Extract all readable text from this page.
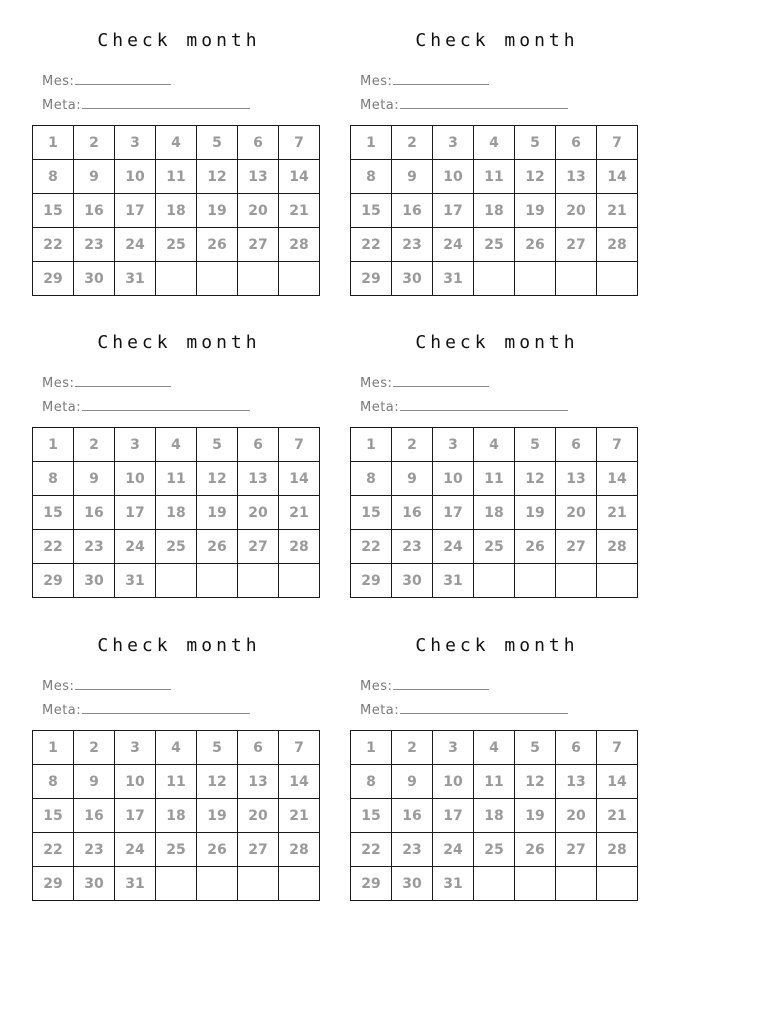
Check month
Mes:
Meta:
1	2	3	4	5	6	7
8	9	10	11	12	13	14
15	16	17	18	19	20	21
22	23	24	25	26	27	28
29	30	31				
Check month
Mes:
Meta:
1	2	3	4	5	6	7
8	9	10	11	12	13	14
15	16	17	18	19	20	21
22	23	24	25	26	27	28
29	30	31				
Check month
Mes:
Meta:
1	2	3	4	5	6	7
8	9	10	11	12	13	14
15	16	17	18	19	20	21
22	23	24	25	26	27	28
29	30	31				
Check month
Mes:
Meta:
1	2	3	4	5	6	7
8	9	10	11	12	13	14
15	16	17	18	19	20	21
22	23	24	25	26	27	28
29	30	31				
Check month
Mes:
Meta:
1	2	3	4	5	6	7
8	9	10	11	12	13	14
15	16	17	18	19	20	21
22	23	24	25	26	27	28
29	30	31				
Check month
Mes:
Meta:
1	2	3	4	5	6	7
8	9	10	11	12	13	14
15	16	17	18	19	20	21
22	23	24	25	26	27	28
29	30	31				
